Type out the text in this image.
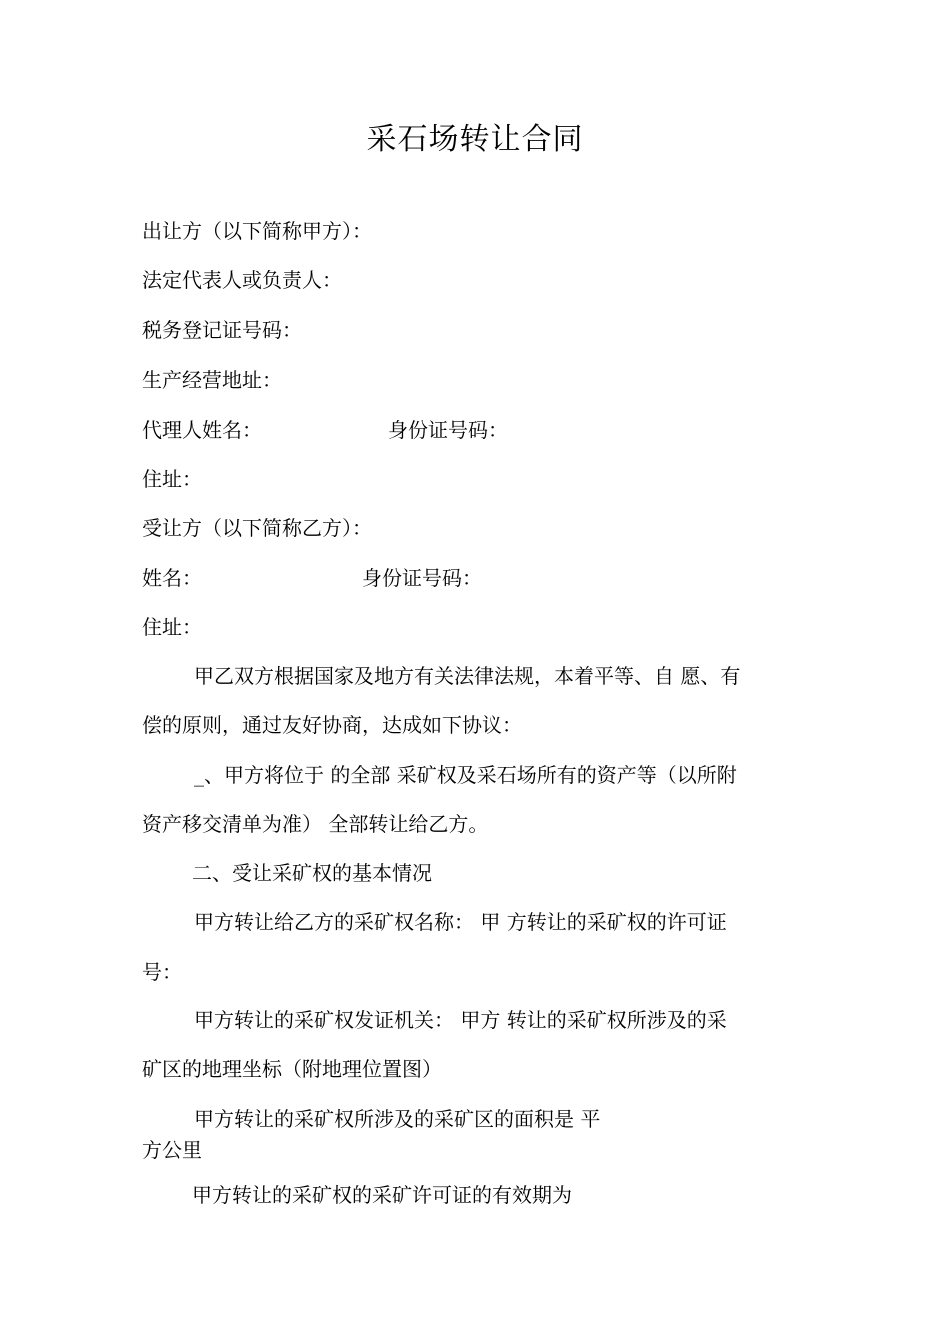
采石场转让合同
出让方（以下简称甲方）：
法定代表人或负责人：
税务登记证号码：
生产经营地址：
代理人姓名：	身份证号码：
住址：
受让方（以下简称乙方）：
姓名：	身份证号码：
住址：
甲乙双方根据国家及地方有关法律法规，本着平等、自 愿、有
偿的原则，通过友好协商，达成如下协议：
_、甲方将位于 的全部 采矿权及采石场所有的资产等（以所附
资产移交清单为准） 全部转让给乙方。
二、受让采矿权的基本情况
甲方转让给乙方的采矿权名称： 甲 方转让的采矿权的许可证
号：
甲方转让的采矿权发证机关： 甲方 转让的采矿权所涉及的采
矿区的地理坐标（附地理位置图）
甲方转让的采矿权所涉及的采矿区的面积是 平
方公里
甲方转让的采矿权的采矿许可证的有效期为
